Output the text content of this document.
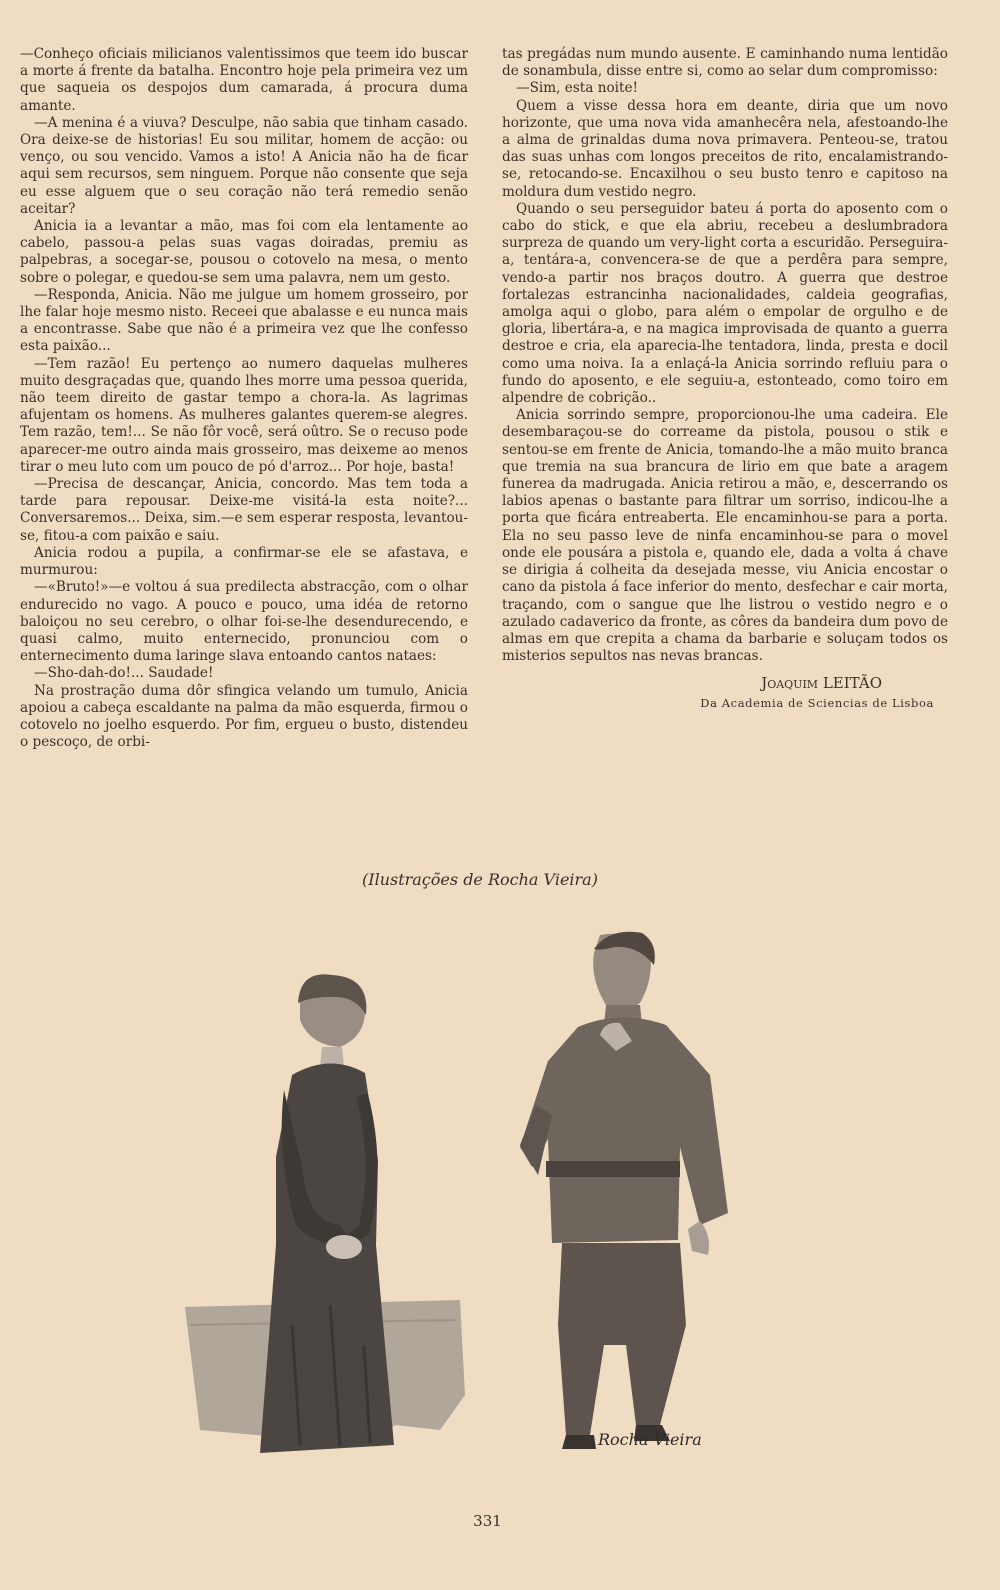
—Conheço oficiais milicianos valentissimos que teem ido buscar a morte á frente da batalha. Encontro hoje pela primeira vez um que saqueia os despojos dum camarada, á procura duma amante.

—A menina é a viuva? Desculpe, não sabia que tinham casado. Ora deixe-se de historias! Eu sou militar, homem de acção: ou venço, ou sou vencido. Vamos a isto! A Anicia não ha de ficar aqui sem recursos, sem ninguem. Porque não consente que seja eu esse alguem que o seu coração não terá remedio senão aceitar?

Anicia ia a levantar a mão, mas foi com ela lentamente ao cabelo, passou-a pelas suas vagas doiradas, premiu as palpebras, a socegar-se, pousou o cotovelo na mesa, o mento sobre o polegar, e quedou-se sem uma palavra, nem um gesto.

—Responda, Anicia. Não me julgue um homem grosseiro, por lhe falar hoje mesmo nisto. Receei que abalasse e eu nunca mais a encontrasse. Sabe que não é a primeira vez que lhe confesso esta paixão...

—Tem razão! Eu pertenço ao numero daquelas mulheres muito desgraçadas que, quando lhes morre uma pessoa querida, não teem direito de gastar tempo a chora-la. As lagrimas afujentam os homens. As mulheres galantes querem-se alegres. Tem razão, tem!... Se não fôr você, será oûtro. Se o recuso pode aparecer-me outro ainda mais grosseiro, mas deixeme ao menos tirar o meu luto com um pouco de pó d'arroz... Por hoje, basta!

—Precisa de descançar, Anicia, concordo. Mas tem toda a tarde para repousar. Deixe-me visitá-la esta noite?... Conversaremos... Deixa, sim.—e sem esperar resposta, levantou-se, fitou-a com paixão e saiu.

Anicia rodou a pupila, a confirmar-se ele se afastava, e murmurou:

—«Bruto!»—e voltou á sua predilecta abstracção, com o olhar endurecido no vago. A pouco e pouco, uma idéa de retorno baloiçou no seu cerebro, o olhar foi-se-lhe desendurecendo, e quasi calmo, muito enternecido, pronunciou com o enternecimento duma laringe slava entoando cantos nataes:

—Sho-dah-do!... Saudade!

Na prostração duma dôr sfingica velando um tumulo, Anicia apoiou a cabeça escaldante na palma da mão esquerda, firmou o cotovelo no joelho esquerdo. Por fim, ergueu o busto, distendeu o pescoço, de orbi-

tas pregádas num mundo ausente. E caminhando numa lentidão de sonambula, disse entre si, como ao selar dum compromisso:

—Sim, esta noite!

Quem a visse dessa hora em deante, diria que um novo horizonte, que uma nova vida amanhecêra nela, afestoando-lhe a alma de grinaldas duma nova primavera. Penteou-se, tratou das suas unhas com longos preceitos de rito, encalamistrando-se, retocando-se. Encaxilhou o seu busto tenro e capitoso na moldura dum vestido negro.

Quando o seu perseguidor bateu á porta do aposento com o cabo do stick, e que ela abriu, recebeu a deslumbradora surpreza de quando um very-light corta a escuridão. Perseguira-a, tentára-a, convencera-se de que a perdêra para sempre, vendo-a partir nos braços doutro. A guerra que destroe fortalezas estrancinha nacionalidades, caldeia geografias, amolga aqui o globo, para além o empolar de orgulho e de gloria, libertára-a, e na magica improvisada de quanto a guerra destroe e cria, ela aparecia-lhe tentadora, linda, presta e docil como uma noiva. Ia a enlaçá-la Anicia sorrindo refluiu para o fundo do aposento, e ele seguiu-a, estonteado, como toiro em alpendre de cobrição..

Anicia sorrindo sempre, proporcionou-lhe uma cadeira. Ele desembaraçou-se do correame da pistola, pousou o stik e sentou-se em frente de Anicia, tomando-lhe a mão muito branca que tremia na sua brancura de lirio em que bate a aragem funerea da madrugada. Anicia retirou a mão, e, descerrando os labios apenas o bastante para filtrar um sorriso, indicou-lhe a porta que ficára entreaberta. Ele encaminhou-se para a porta. Ela no seu passo leve de ninfa encaminhou-se para o movel onde ele pousára a pistola e, quando ele, dada a volta á chave se dirigia á colheita da desejada messe, viu Anicia encostar o cano da pistola á face inferior do mento, desfechar e cair morta, traçando, com o sangue que lhe listrou o vestido negro e o azulado cadaverico da fronte, as côres da bandeira dum povo de almas em que crepita a chama da barbarie e soluçam todos os misterios sepultos nas nevas brancas.

Joaquim LEITÃO
Da Academia de Sciencias de Lisboa
(Ilustrações de Rocha Vieira)
Rocha Vieira
331
